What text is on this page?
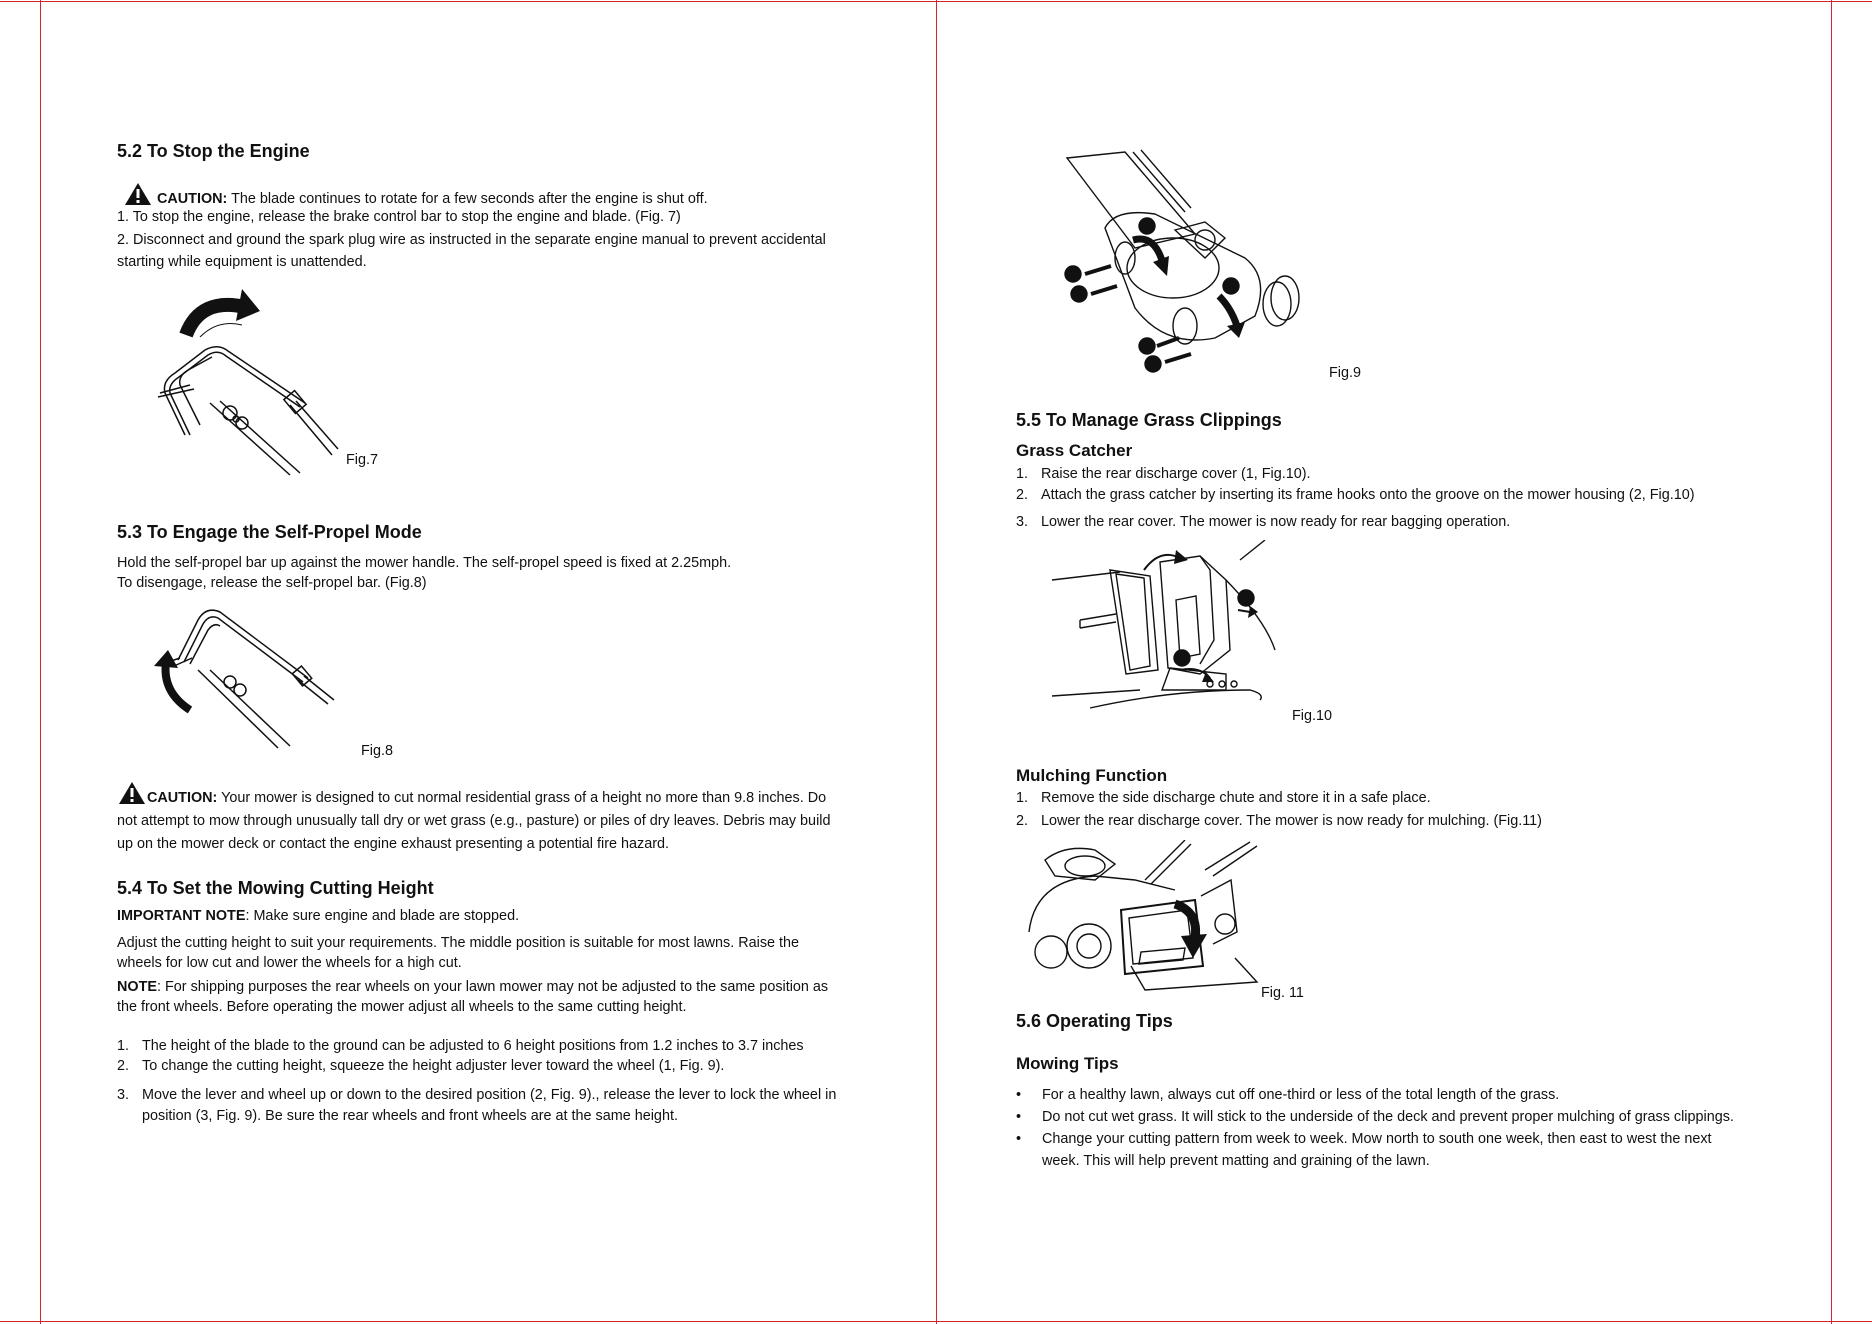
5.2 To Stop the Engine
CAUTION: The blade continues to rotate for a few seconds after the engine is shut off.
1. To stop the engine, release the brake control bar to stop the engine and blade. (Fig. 7)
2. Disconnect and ground the spark plug wire as instructed in the separate engine manual to prevent accidental
starting while equipment is unattended.
Fig.7
5.3 To Engage the Self-Propel Mode
Hold the self-propel bar up against the mower handle. The self-propel speed is fixed at 2.25mph.
To disengage, release the self-propel bar. (Fig.8)
Fig.8
CAUTION: Your mower is designed to cut normal residential grass of a height no more than 9.8 inches. Do
not attempt to mow through unusually tall dry or wet grass (e.g., pasture) or piles of dry leaves. Debris may build
up on the mower deck or contact the engine exhaust presenting a potential fire hazard.
5.4 To Set the Mowing Cutting Height
IMPORTANT NOTE: Make sure engine and blade are stopped.
Adjust the cutting height to suit your requirements. The middle position is suitable for most lawns. Raise the
wheels for low cut and lower the wheels for a high cut.
NOTE: For shipping purposes the rear wheels on your lawn mower may not be adjusted to the same position as
the front wheels. Before operating the mower adjust all wheels to the same cutting height.
1. The height of the blade to the ground can be adjusted to 6 height positions from 1.2 inches to 3.7 inches
2. To change the cutting height, squeeze the height adjuster lever toward the wheel (1, Fig. 9).
3. Move the lever and wheel up or down to the desired position (2, Fig. 9)., release the lever to lock the wheel in
position (3, Fig. 9). Be sure the rear wheels and front wheels are at the same height.
Fig.9
5.5 To Manage Grass Clippings
Grass Catcher
1. Raise the rear discharge cover (1, Fig.10).
2. Attach the grass catcher by inserting its frame hooks onto the groove on the mower housing (2, Fig.10)
3. Lower the rear cover. The mower is now ready for rear bagging operation.
Fig.10
Mulching Function
1. Remove the side discharge chute and store it in a safe place.
2. Lower the rear discharge cover. The mower is now ready for mulching. (Fig.11)
Fig. 11
5.6 Operating Tips
Mowing Tips
• For a healthy lawn, always cut off one-third or less of the total length of the grass.
• Do not cut wet grass. It will stick to the underside of the deck and prevent proper mulching of grass clippings.
• Change your cutting pattern from week to week. Mow north to south one week, then east to west the next
week. This will help prevent matting and graining of the lawn.
